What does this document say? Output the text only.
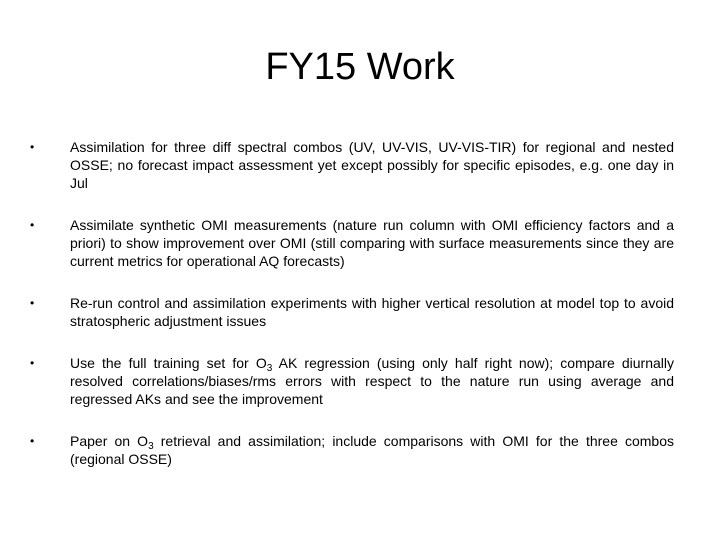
FY15 Work
•	Assimilation for three diff spectral combos (UV, UV-VIS, UV-VIS-TIR) for regional and nested OSSE; no forecast impact assessment yet except possibly for specific episodes, e.g. one day in Jul
•	Assimilate synthetic OMI measurements (nature run column with OMI efficiency factors and a priori) to show improvement over OMI (still comparing with surface measurements since they are current metrics for operational AQ forecasts)
•	Re-run control and assimilation experiments with higher vertical resolution at model top to avoid stratospheric adjustment issues
•	Use the full training set for $O_3$ AK regression (using only half right now); compare diurnally resolved correlations/biases/rms errors with respect to the nature run using average and regressed AKs and see the improvement
•	Paper on $O_3$ retrieval and assimilation; include comparisons with OMI for the three combos (regional OSSE)
